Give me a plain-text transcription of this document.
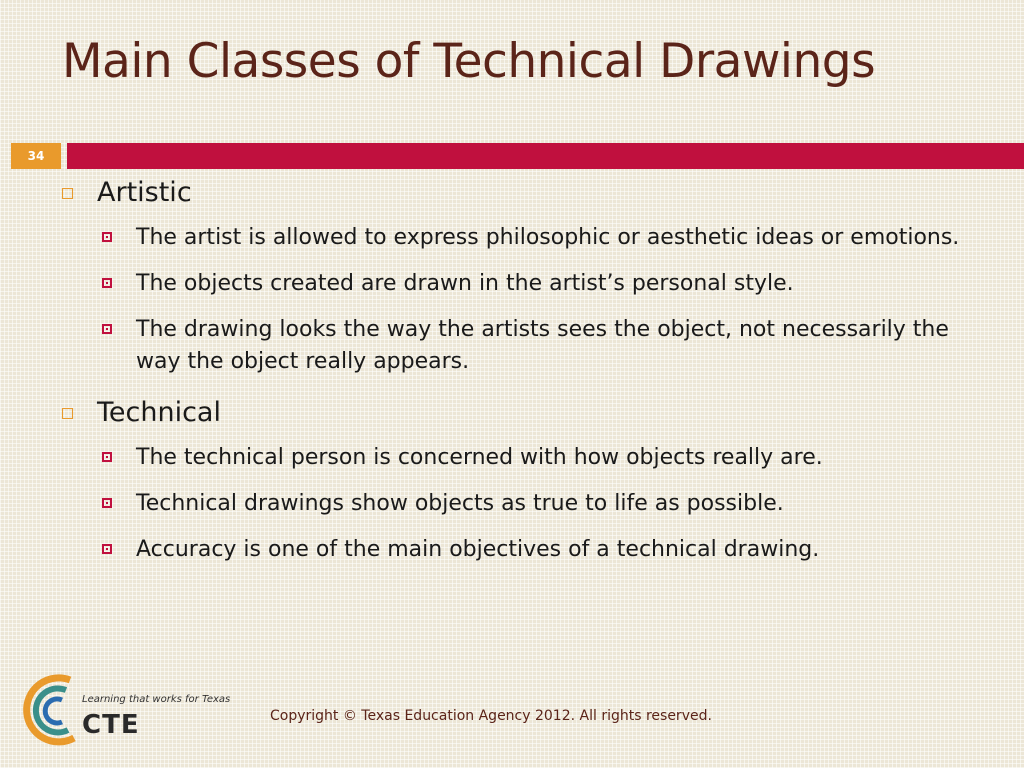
Main Classes of Technical Drawings
34
Artistic
The artist is allowed to express philosophic or aesthetic ideas or emotions.
The objects created are drawn in the artist’s personal style.
The drawing looks the way the artists sees the object, not necessarily the way the object really appears.
Technical
The technical person is concerned with how objects really are.
Technical drawings show objects as true to life as possible.
Accuracy is one of the main objectives of a technical drawing.
Learning that works for Texas
CTE	Copyright © Texas Education Agency 2012. All rights reserved.
